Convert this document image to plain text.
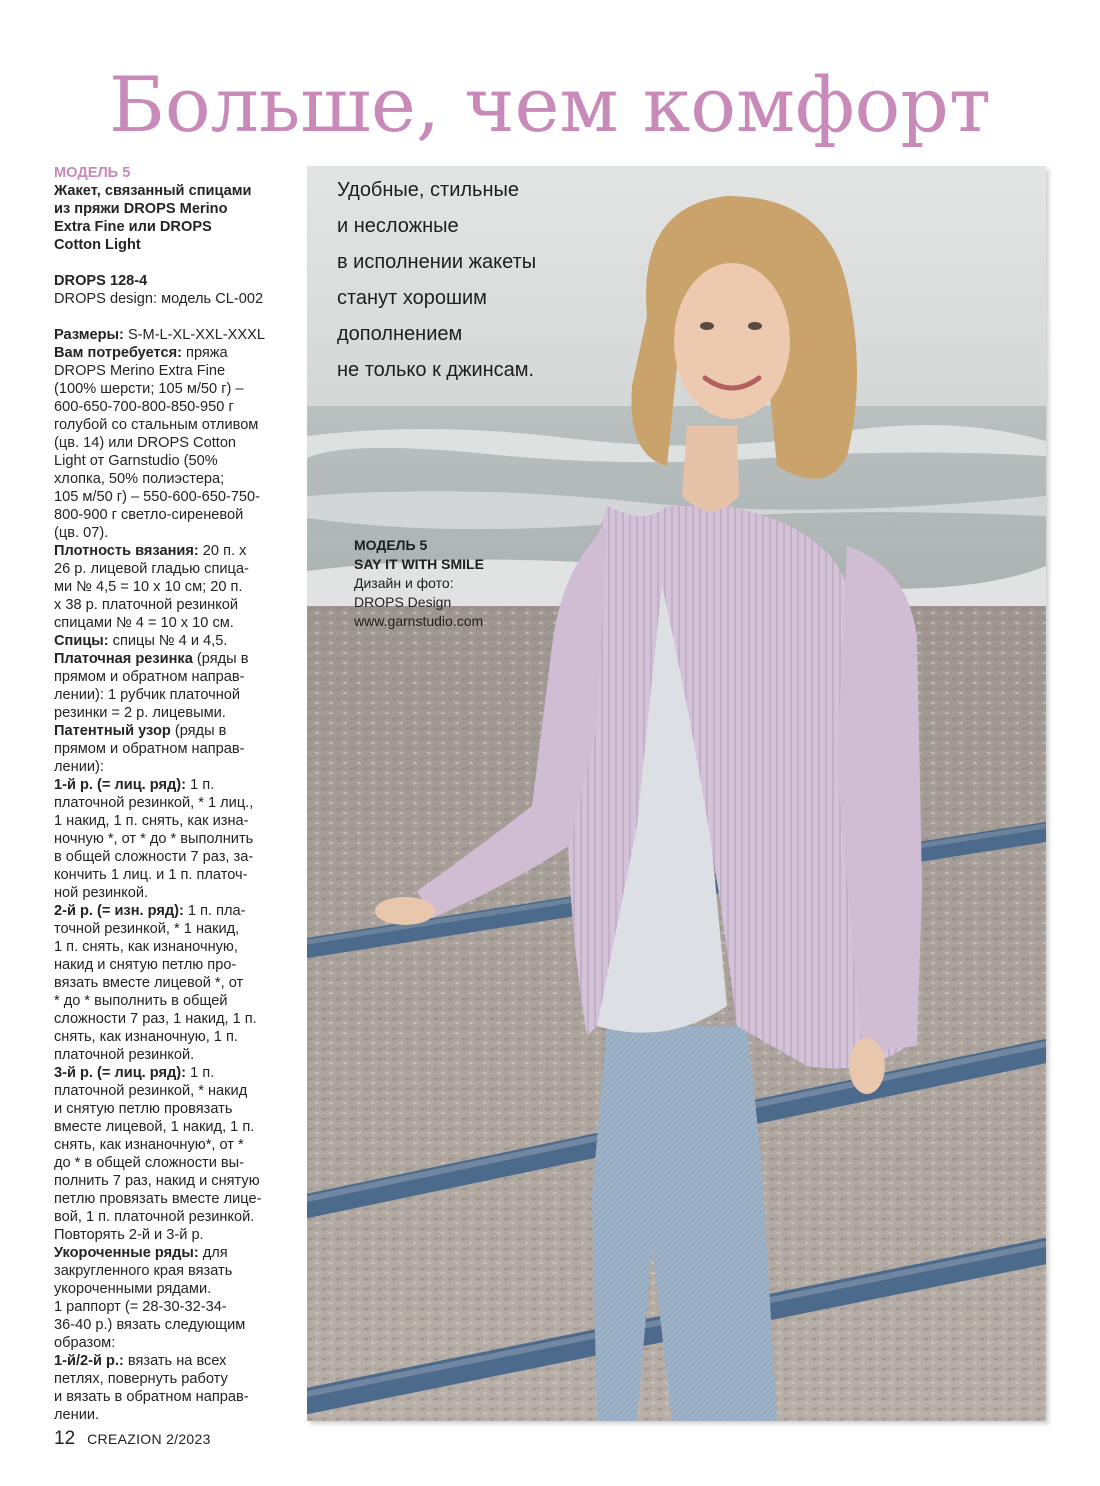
Больше, чем комфорт

МОДЕЛЬ 5

Жакет, связанный спицами

из пряжи DROPS Merino

Extra Fine или DROPS

Cotton Light

DROPS 128-4

DROPS design: модель CL-002

Размеры: S-M-L-XL-XXL-XXXL

Вам потребуется: пряжа

DROPS Merino Extra Fine

(100% шерсти; 105 м/50 г) –

600-650-700-800-850-950 г

голубой со стальным отливом

(цв. 14) или DROPS Cotton

Light от Garnstudio (50%

хлопка, 50% полиэстера;

105 м/50 г) – 550-600-650-750-

800-900 г светло-сиреневой

(цв. 07).

Плотность вязания: 20 п. х

26 р. лицевой гладью спица-

ми № 4,5 = 10 х 10 см; 20 п.

х 38 р. платочной резинкой

спицами № 4 = 10 х 10 см.

Спицы: спицы № 4 и 4,5.

Платочная резинка (ряды в

прямом и обратном направ-

лении): 1 рубчик платочной

резинки = 2 р. лицевыми.

Патентный узор (ряды в

прямом и обратном направ-

лении):

1-й р. (= лиц. ряд): 1 п.

платочной резинкой, * 1 лиц.,

1 накид, 1 п. снять, как изна-

ночную *, от * до * выполнить

в общей сложности 7 раз, за-

кончить 1 лиц. и 1 п. платоч-

ной резинкой.

2-й р. (= изн. ряд): 1 п. пла-

точной резинкой, * 1 накид,

1 п. снять, как изнаночную,

накид и снятую петлю про-

вязать вместе лицевой *, от

* до * выполнить в общей

сложности 7 раз, 1 накид, 1 п.

снять, как изнаночную, 1 п.

платочной резинкой.

3-й р. (= лиц. ряд): 1 п.

платочной резинкой, * накид

и снятую петлю провязать

вместе лицевой, 1 накид, 1 п.

снять, как изнаночную*, от *

до * в общей сложности вы-

полнить 7 раз, накид и снятую

петлю провязать вместе лице-

вой, 1 п. платочной резинкой.

Повторять 2-й и 3-й р.

Укороченные ряды: для

закругленного края вязать

укороченными рядами.

1 раппорт (= 28-30-32-34-

36-40 р.) вязать следующим

образом:

1-й/2-й р.: вязать на всех

петлях, повернуть работу

и вязать в обратном направ-

лении.

Удобные, стильные

и несложные

в исполнении жакеты

станут хорошим

дополнением

не только к джинсам.

МОДЕЛЬ 5

SAY IT WITH SMILE

Дизайн и фото:

DROPS Design

www.garnstudio.com

12 CREAZION 2/2023
